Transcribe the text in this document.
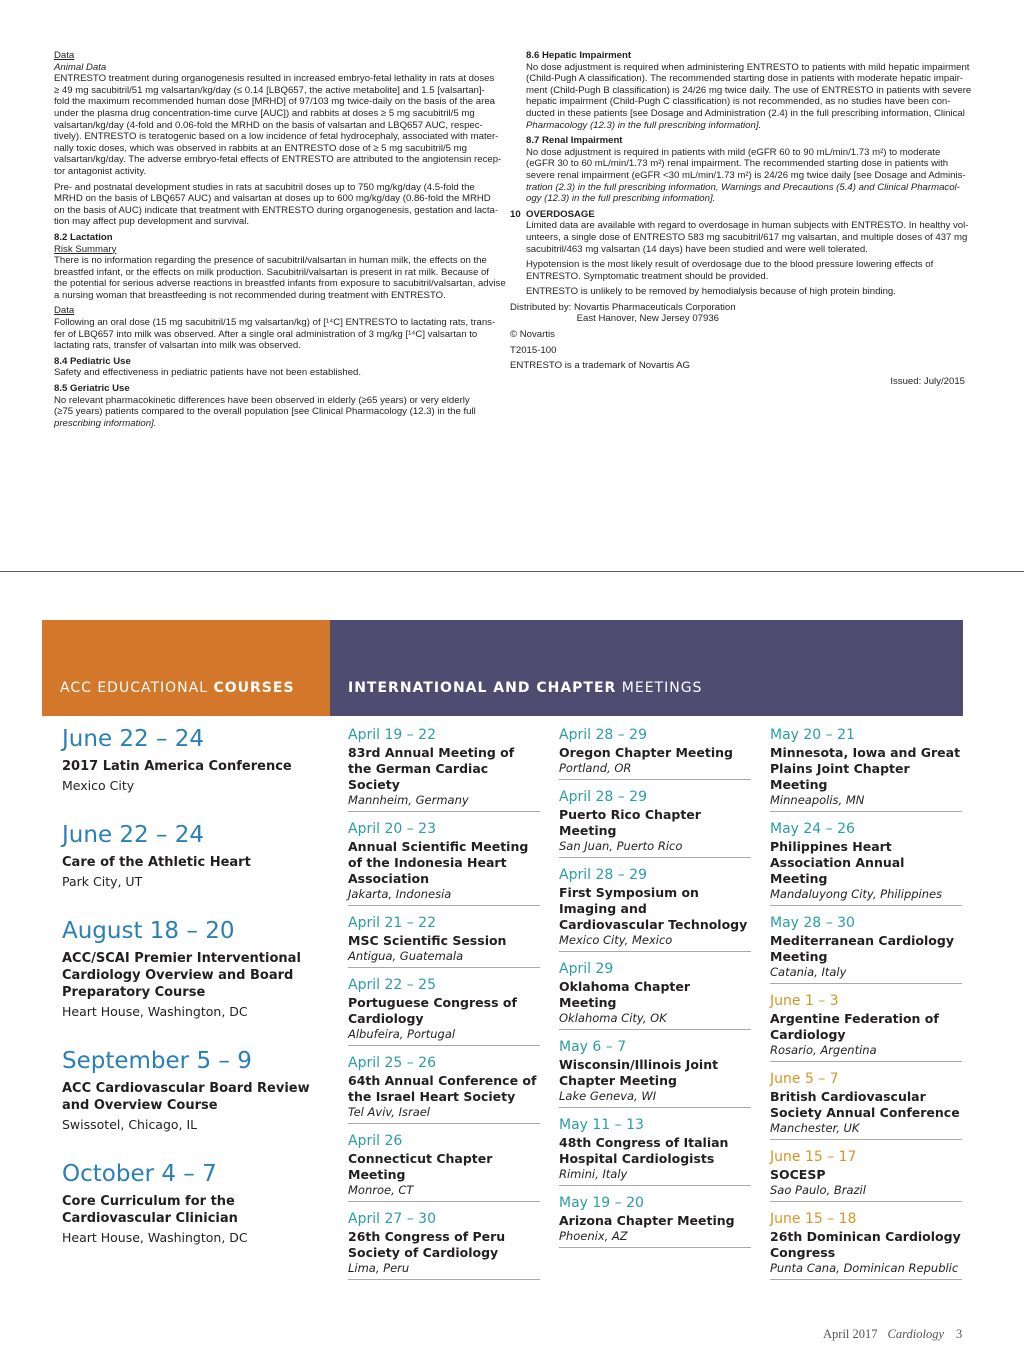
Data
Animal Data
ENTRESTO treatment during organogenesis resulted in increased embryo-fetal lethality in rats at doses
≥ 49 mg sacubitril/51 mg valsartan/kg/day (≤ 0.14 [LBQ657, the active metabolite] and 1.5 [valsartan]-
fold the maximum recommended human dose [MRHD] of 97/103 mg twice-daily on the basis of the area
under the plasma drug concentration-time curve [AUC]) and rabbits at doses ≥ 5 mg sacubitril/5 mg
valsartan/kg/day (4-fold and 0.06-fold the MRHD on the basis of valsartan and LBQ657 AUC, respec-
tively). ENTRESTO is teratogenic based on a low incidence of fetal hydrocephaly, associated with mater-
nally toxic doses, which was observed in rabbits at an ENTRESTO dose of ≥ 5 mg sacubitril/5 mg
valsartan/kg/day. The adverse embryo-fetal effects of ENTRESTO are attributed to the angiotensin recep-
tor antagonist activity.
Pre- and postnatal development studies in rats at sacubitril doses up to 750 mg/kg/day (4.5-fold the
MRHD on the basis of LBQ657 AUC) and valsartan at doses up to 600 mg/kg/day (0.86-fold the MRHD
on the basis of AUC) indicate that treatment with ENTRESTO during organogenesis, gestation and lacta-
tion may affect pup development and survival.
8.2 Lactation
Risk Summary
There is no information regarding the presence of sacubitril/valsartan in human milk, the effects on the
breastfed infant, or the effects on milk production. Sacubitril/valsartan is present in rat milk. Because of
the potential for serious adverse reactions in breastfed infants from exposure to sacubitril/valsartan, advise
a nursing woman that breastfeeding is not recommended during treatment with ENTRESTO.
Data
Following an oral dose (15 mg sacubitril/15 mg valsartan/kg) of [¹⁴C] ENTRESTO to lactating rats, trans-
fer of LBQ657 into milk was observed. After a single oral administration of 3 mg/kg [¹⁴C] valsartan to
lactating rats, transfer of valsartan into milk was observed.
8.4 Pediatric Use
Safety and effectiveness in pediatric patients have not been established.
8.5 Geriatric Use
No relevant pharmacokinetic differences have been observed in elderly (≥65 years) or very elderly
(≥75 years) patients compared to the overall population [see Clinical Pharmacology (12.3) in the full
prescribing information].
8.6 Hepatic Impairment
No dose adjustment is required when administering ENTRESTO to patients with mild hepatic impairment
(Child-Pugh A classification). The recommended starting dose in patients with moderate hepatic impair-
ment (Child-Pugh B classification) is 24/26 mg twice daily. The use of ENTRESTO in patients with severe
hepatic impairment (Child-Pugh C classification) is not recommended, as no studies have been con-
ducted in these patients [see Dosage and Administration (2.4) in the full prescribing information, Clinical
Pharmacology (12.3) in the full prescribing information].
8.7 Renal Impairment
No dose adjustment is required in patients with mild (eGFR 60 to 90 mL/min/1.73 m²) to moderate
(eGFR 30 to 60 mL/min/1.73 m²) renal impairment. The recommended starting dose in patients with
severe renal impairment (eGFR <30 mL/min/1.73 m²) is 24/26 mg twice daily [see Dosage and Adminis-
tration (2.3) in the full prescribing information, Warnings and Precautions (5.4) and Clinical Pharmacol-
ogy (12.3) in the full prescribing information].
10 OVERDOSAGE
Limited data are available with regard to overdosage in human subjects with ENTRESTO. In healthy vol-
unteers, a single dose of ENTRESTO 583 mg sacubitril/617 mg valsartan, and multiple doses of 437 mg
sacubitril/463 mg valsartan (14 days) have been studied and were well tolerated.
Hypotension is the most likely result of overdosage due to the blood pressure lowering effects of
ENTRESTO. Symptomatic treatment should be provided.
ENTRESTO is unlikely to be removed by hemodialysis because of high protein binding.
Distributed by: Novartis Pharmaceuticals Corporation
East Hanover, New Jersey 07936
© Novartis
T2015-100
ENTRESTO is a trademark of Novartis AG
Issued: July/2015
ACC EDUCATIONAL COURSES	INTERNATIONAL AND CHAPTER MEETINGS
June 22 – 24
2017 Latin America Conference
Mexico City
June 22 – 24
Care of the Athletic Heart
Park City, UT
August 18 – 20
ACC/SCAI Premier Interventional Cardiology Overview and Board Preparatory Course
Heart House, Washington, DC
September 5 – 9
ACC Cardiovascular Board Review and Overview Course
Swissotel, Chicago, IL
October 4 – 7
Core Curriculum for the Cardiovascular Clinician
Heart House, Washington, DC
April 19 – 22
83rd Annual Meeting of the German Cardiac Society
Mannheim, Germany
April 20 – 23
Annual Scientific Meeting of the Indonesia Heart Association
Jakarta, Indonesia
April 21 – 22
MSC Scientific Session
Antigua, Guatemala
April 22 – 25
Portuguese Congress of Cardiology
Albufeira, Portugal
April 25 – 26
64th Annual Conference of the Israel Heart Society
Tel Aviv, Israel
April 26
Connecticut Chapter Meeting
Monroe, CT
April 27 – 30
26th Congress of Peru Society of Cardiology
Lima, Peru
April 28 – 29
Oregon Chapter Meeting
Portland, OR
April 28 – 29
Puerto Rico Chapter Meeting
San Juan, Puerto Rico
April 28 – 29
First Symposium on Imaging and Cardiovascular Technology
Mexico City, Mexico
April 29
Oklahoma Chapter Meeting
Oklahoma City, OK
May 6 – 7
Wisconsin/Illinois Joint Chapter Meeting
Lake Geneva, WI
May 11 – 13
48th Congress of Italian Hospital Cardiologists
Rimini, Italy
May 19 – 20
Arizona Chapter Meeting
Phoenix, AZ
May 20 – 21
Minnesota, Iowa and Great Plains Joint Chapter Meeting
Minneapolis, MN
May 24 – 26
Philippines Heart Association Annual Meeting
Mandaluyong City, Philippines
May 28 – 30
Mediterranean Cardiology Meeting
Catania, Italy
June 1 – 3
Argentine Federation of Cardiology
Rosario, Argentina
June 5 – 7
British Cardiovascular Society Annual Conference
Manchester, UK
June 15 – 17
SOCESP
Sao Paulo, Brazil
June 15 – 18
26th Dominican Cardiology Congress
Punta Cana, Dominican Republic
April 2017 Cardiology 3
